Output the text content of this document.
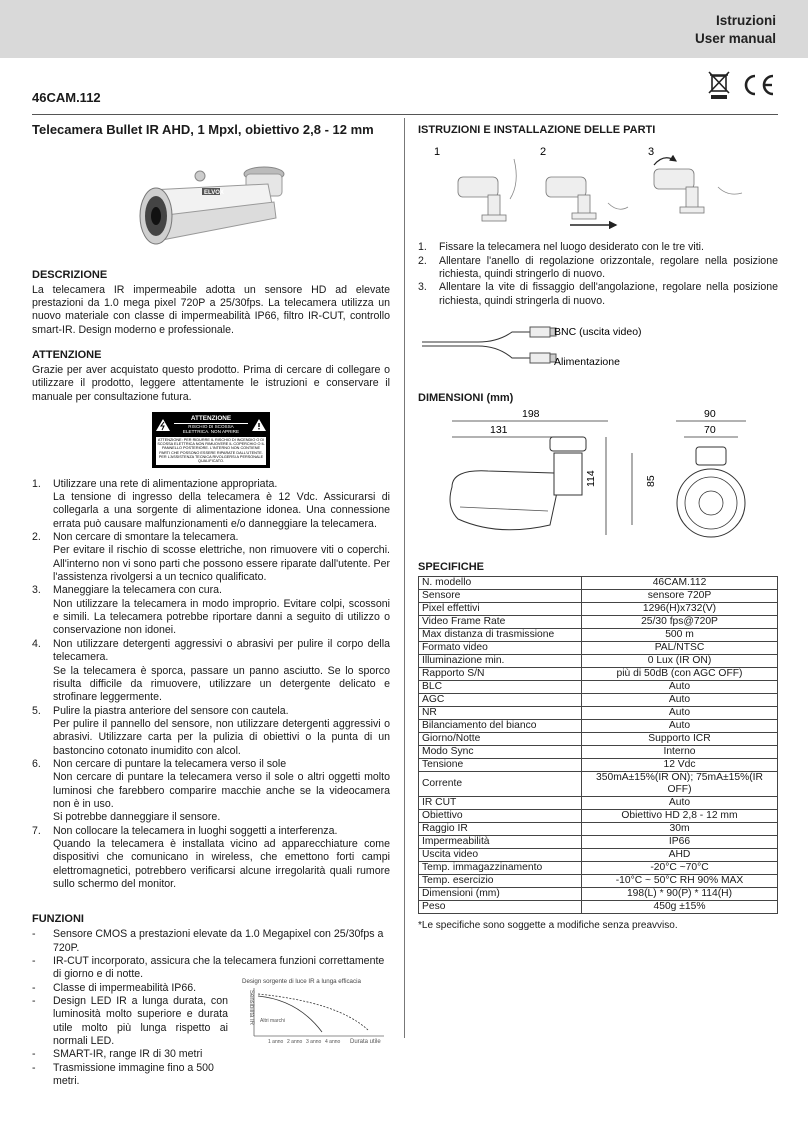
Istruzioni
User manual
46CAM.112
Telecamera Bullet IR AHD, 1 Mpxl, obiettivo 2,8 - 12 mm
ELVOX
DESCRIZIONE

La telecamera IR impermeabile adotta un sensore HD ad elevate prestazioni da 1.0 mega pixel 720P a 25/30fps. La telecamera utilizza un nuovo materiale con classe di impermeabilità IP66, filtro IR-CUT, controllo smart-IR. Design moderno e professionale.

ATTENZIONE

Grazie per aver acquistato questo prodotto. Prima di cercare di collegare o utilizzare il prodotto, leggere attentamente le istruzioni e conservare il manuale per consultazione futura.

ATTENZIONE
RISCHIO DI SCOSSA
ELETTRICA. NON APRIRE
ATTENZIONE: PER RIDURRE IL RISCHIO DI INCENDIO O DI SCOSSA ELETTRICA NON RIMUOVERE IL COPERCHIO O IL PANNELLO POSTERIORE. L'INTERNO NON CONTIENE PARTI CHE POSSONO ESSERE RIPARATE DALL'UTENTE. PER L'ASSISTENZA TECNICA RIVOLGERSI A PERSONALE QUALIFICATO.
1. Utilizzare una rete di alimentazione appropriata.
La tensione di ingresso della telecamera è 12 Vdc. Assicurarsi di collegarla a una sorgente di alimentazione idonea. Una connessione errata può causare malfunzionamenti e/o danneggiare la telecamera.
2. Non cercare di smontare la telecamera.
Per evitare il rischio di scosse elettriche, non rimuovere viti o coperchi. All'interno non vi sono parti che possono essere riparate dall'utente. Per l'assistenza rivolgersi a un tecnico qualificato.
3. Maneggiare la telecamera con cura.
Non utilizzare la telecamera in modo improprio. Evitare colpi, scossoni e simili. La telecamera potrebbe riportare danni a seguito di utilizzo o conservazione non idonei.
4. Non utilizzare detergenti aggressivi o abrasivi per pulire il corpo della telecamera.
Se la telecamera è sporca, passare un panno asciutto. Se lo sporco risulta difficile da rimuovere, utilizzare un detergente delicato e strofinare leggermente.
5. Pulire la piastra anteriore del sensore con cautela.
Per pulire il pannello del sensore, non utilizzare detergenti aggressivi o abrasivi. Utilizzare carta per la pulizia di obiettivi o la punta di un bastoncino cotonato inumidito con alcol.
6. Non cercare di puntare la telecamera verso il sole
Non cercare di puntare la telecamera verso il sole o altri oggetti molto luminosi che farebbero comparire macchie anche se la videocamera non è in uso.
Si potrebbe danneggiare il sensore.
7. Non collocare la telecamera in luoghi soggetti a interferenza.
Quando la telecamera è installata vicino ad apparecchiature come dispositivi che comunicano in wireless, che emettono forti campi elettromagnetici, potrebbero verificarsi alcune irregolarità quali rumore sullo schermo del monitor.
FUNZIONI
- Sensore CMOS a prestazioni elevate da 1.0 Megapixel con 25/30fps a 720P.
- IR-CUT incorporato, assicura che la telecamera funzioni correttamente di giorno e di notte.
- Classe di impermeabilità IP66.
- Design LED IR a lunga durata, con luminosità molto superiore e durata utile molto più lunga rispetto ai normali LED.
- SMART-IR, range IR di 30 metri
- Trasmissione immagine fino a 500 metri.
Design sorgente di luce IR a lunga efficacia
Sensibilità IR Altri marchi
1 anno 2 anno 3 anno 4 anno Durata utile
ISTRUZIONI E INSTALLAZIONE DELLE PARTI
1	2	3
1. Fissare la telecamera nel luogo desiderato con le tre viti.
2. Allentare l'anello di regolazione orizzontale, regolare nella posizione richiesta, quindi stringerlo di nuovo.
3. Allentare la vite di fissaggio dell'angolazione, regolare nella posizione richiesta, quindi stringerla di nuovo.
BNC (uscita video)
Alimentazione
DIMENSIONI (mm)
198
131
114	85
90
70
SPECIFICHE
N. modello	46CAM.112
Sensore	sensore 720P
Pixel effettivi	1296(H)x732(V)
Video Frame Rate	25/30 fps@720P
Max distanza di trasmissione	500 m
Formato video	PAL/NTSC
Illuminazione min.	0 Lux (IR ON)
Rapporto S/N	più di 50dB (con AGC OFF)
BLC	Auto
AGC	Auto
NR	Auto
Bilanciamento del bianco	Auto
Giorno/Notte	Supporto ICR
Modo Sync	Interno
Tensione	12 Vdc
Corrente	350mA±15%(IR ON); 75mA±15%(IR OFF)
IR CUT	Auto
Obiettivo	Obiettivo HD 2,8 - 12 mm
Raggio IR	30m
Impermeabilità	IP66
Uscita video	AHD
Temp. immagazzinamento	-20°C ~70°C
Temp. esercizio	-10°C ~ 50°C RH 90% MAX
Dimensioni (mm)	198(L) * 90(P) * 114(H)
Peso	450g ±15%
*Le specifiche sono soggette a modifiche senza preavviso.
